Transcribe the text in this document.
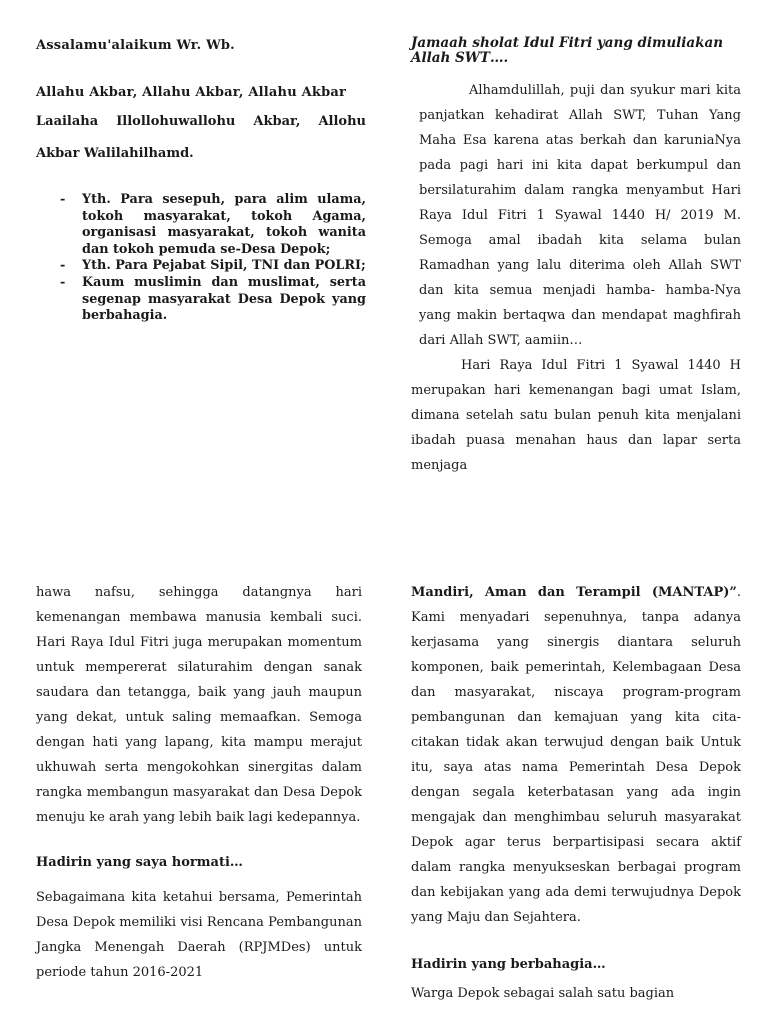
Assalamu'alaikum Wr. Wb.
Allahu Akbar, Allahu Akbar, Allahu Akbar

Laailaha Illollohuwallohu Akbar, Allohu Akbar Walilahilhamd.

- Yth. Para sesepuh, para alim ulama, tokoh masyarakat, tokoh Agama, organisasi masyarakat, tokoh wanita dan tokoh pemuda se-Desa Depok;
- Yth. Para Pejabat Sipil, TNI dan POLRI;
- Kaum muslimin dan muslimat, serta segenap masyarakat Desa Depok yang berbahagia.

Jamaah sholat Idul Fitri yang dimuliakan Allah SWT….

Alhamdulillah, puji dan syukur mari kita panjatkan kehadirat Allah SWT, Tuhan Yang Maha Esa karena atas berkah dan karuniaNya pada pagi hari ini kita dapat berkumpul dan bersilaturahim dalam rangka menyambut Hari Raya Idul Fitri 1 Syawal 1440 H/ 2019 M. Semoga amal ibadah kita selama bulan Ramadhan yang lalu diterima oleh Allah SWT dan kita semua menjadi hamba- hamba-Nya yang makin bertaqwa dan mendapat maghfirah dari Allah SWT, aamiin…

Hari Raya Idul Fitri 1 Syawal 1440 H merupakan hari kemenangan bagi umat Islam, dimana setelah satu bulan penuh kita menjalani ibadah puasa menahan haus dan lapar serta menjaga

hawa nafsu, sehingga datangnya hari kemenangan membawa manusia kembali suci. Hari Raya Idul Fitri juga merupakan momentum untuk mempererat silaturahim dengan sanak saudara dan tetangga, baik yang jauh maupun yang dekat, untuk saling memaafkan. Semoga dengan hati yang lapang, kita mampu merajut ukhuwah serta mengokohkan sinergitas dalam rangka membangun masyarakat dan Desa Depok menuju ke arah yang lebih baik lagi kedepannya.

Hadirin yang saya hormati…

Sebagaimana kita ketahui bersama, Pemerintah Desa Depok memiliki visi Rencana Pembangunan Jangka Menengah Daerah (RPJMDes) untuk periode tahun 2016-2021

Mandiri, Aman dan Terampil (MANTAP)”. Kami menyadari sepenuhnya, tanpa adanya kerjasama yang sinergis diantara seluruh komponen, baik pemerintah, Kelembagaan Desa dan masyarakat, niscaya program-program pembangunan dan kemajuan yang kita cita-citakan tidak akan terwujud dengan baik Untuk itu, saya atas nama Pemerintah Desa Depok dengan segala keterbatasan yang ada ingin mengajak dan menghimbau seluruh masyarakat Depok agar terus berpartisipasi secara aktif dalam rangka menyukseskan berbagai program dan kebijakan yang ada demi terwujudnya Depok yang Maju dan Sejahtera.

Hadirin yang berbahagia…

Warga Depok sebagai salah satu bagian
